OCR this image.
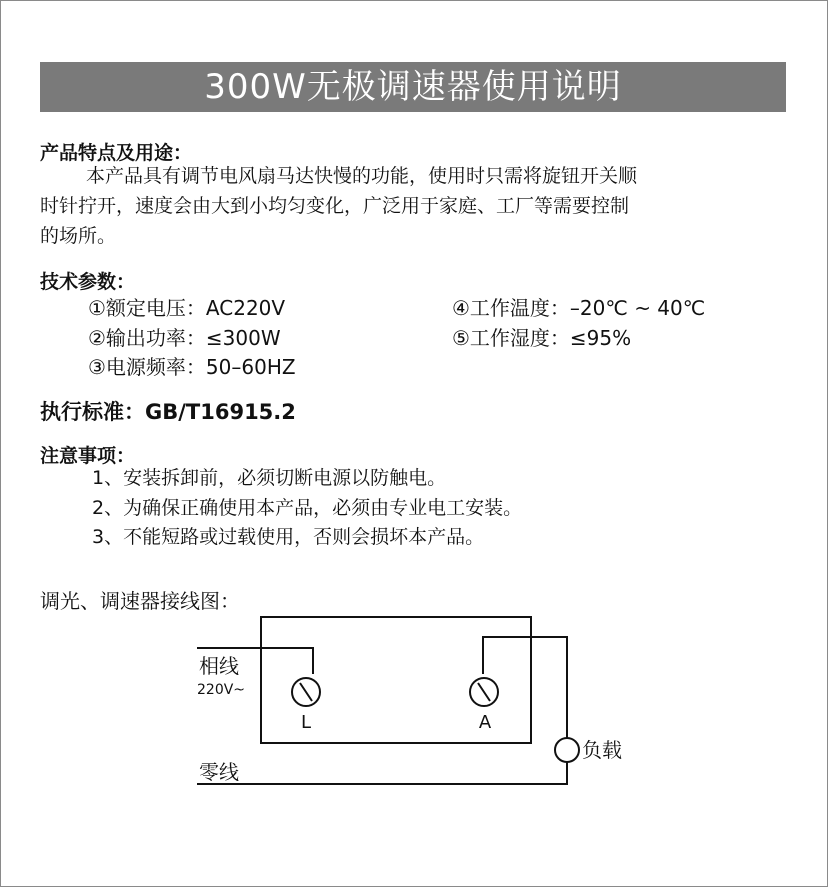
300W无极调速器使用说明
产品特点及用途：
本产品具有调节电风扇马达快慢的功能，使用时只需将旋钮开关顺
时针拧开，速度会由大到小均匀变化，广泛用于家庭、工厂等需要控制
的场所。
技术参数：
①额定电压：AC220V
②输出功率：≤300W
③电源频率：50–60HZ
④工作温度：–20℃ ~ 40℃
⑤工作湿度：≤95%
执行标准：GB/T16915.2
注意事项：
1、安装拆卸前，必须切断电源以防触电。
2、为确保正确使用本产品，必须由专业电工安装。
3、不能短路或过载使用，否则会损坏本产品。
调光、调速器接线图：
相线
220V~
L	A
负载
零线
